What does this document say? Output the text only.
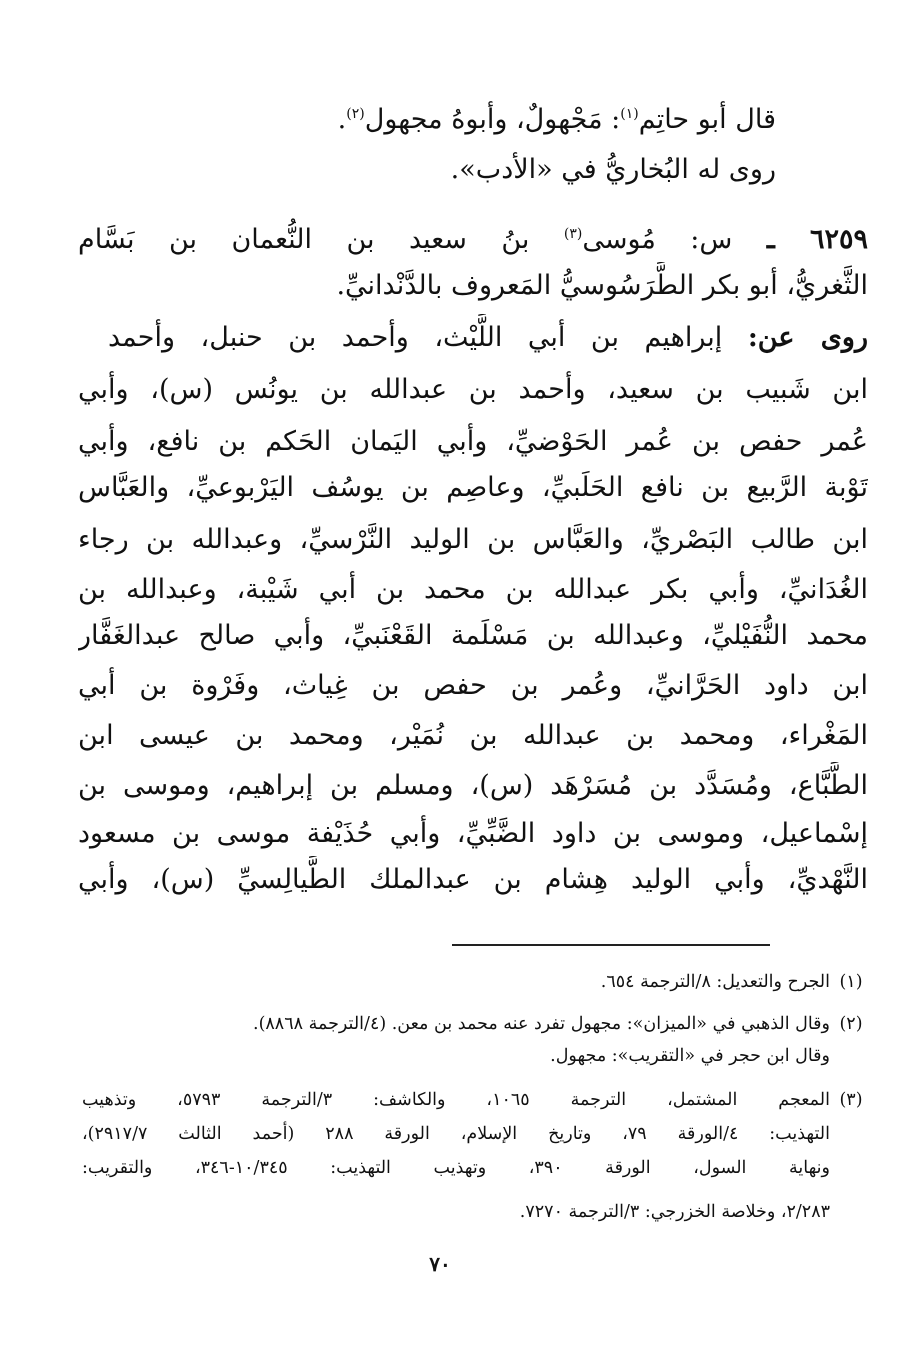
قال أبو حاتِم$^{(١)}$: مَجْهولٌ، وأبوهُ مجهول$^{(٢)}$.
روى له البُخاريُّ في «الأدب».
٦٢٥٩ ـ س: مُوسى$^{(٣)}$ بنُ سعيد بن النُّعمان بن بَسَّام
الثَّغريُّ، أبو بكر الطَّرَسُوسيُّ المَعروف بالدَّنْدانيِّ.
روى عن: إبراهيم بن أبي اللَّيْث، وأحمد بن حنبل، وأحمد
ابن شَبيب بن سعيد، وأحمد بن عبدالله بن يونُس (س)، وأبي
عُمر حفص بن عُمر الحَوْضيِّ، وأبي اليَمان الحَكم بن نافع، وأبي
تَوْبة الرَّبيع بن نافع الحَلَبيِّ، وعاصِم بن يوسُف اليَرْبوعيِّ، والعَبَّاس
ابن طالب البَصْريِّ، والعَبَّاس بن الوليد النَّرْسيِّ، وعبدالله بن رجاء
الغُدَانيِّ، وأبي بكر عبدالله بن محمد بن أبي شَيْبة، وعبدالله بن
محمد النُّفَيْليِّ، وعبدالله بن مَسْلَمة القَعْنَبيِّ، وأبي صالح عبدالغَفَّار
ابن داود الحَرَّانيِّ، وعُمر بن حفص بن غِياث، وفَرْوة بن أبي
المَغْراء، ومحمد بن عبدالله بن نُمَيْر، ومحمد بن عيسى ابن
الطَّبَّاع، ومُسَدَّد بن مُسَرْهَد (س)، ومسلم بن إبراهيم، وموسى بن
إسْماعيل، وموسى بن داود الضَّبِّيِّ، وأبي حُذَيْفة موسى بن مسعود
النَّهْديِّ، وأبي الوليد هِشام بن عبدالملك الطَّيالِسيِّ (س)، وأبي
(١)
الجرح والتعديل: ٨/الترجمة ٦٥٤.
(٢)
وقال الذهبي في «الميزان»: مجهول تفرد عنه محمد بن معن. (٤/الترجمة ٨٨٦٨).
وقال ابن حجر في «التقريب»: مجهول.
(٣)
المعجم المشتمل، الترجمة ١٠٦٥، والكاشف: ٣/الترجمة ٥٧٩٣، وتذهيب
التهذيب: ٤/الورقة ٧٩، وتاريخ الإسلام، الورقة ٢٨٨ (أحمد الثالث ٢٩١٧/٧)،
ونهاية السول، الورقة ٣٩٠، وتهذيب التهذيب: ١٠/٣٤٥-٣٤٦، والتقريب:
٢/٢٨٣، وخلاصة الخزرجي: ٣/الترجمة ٧٢٧٠.
٧٠
